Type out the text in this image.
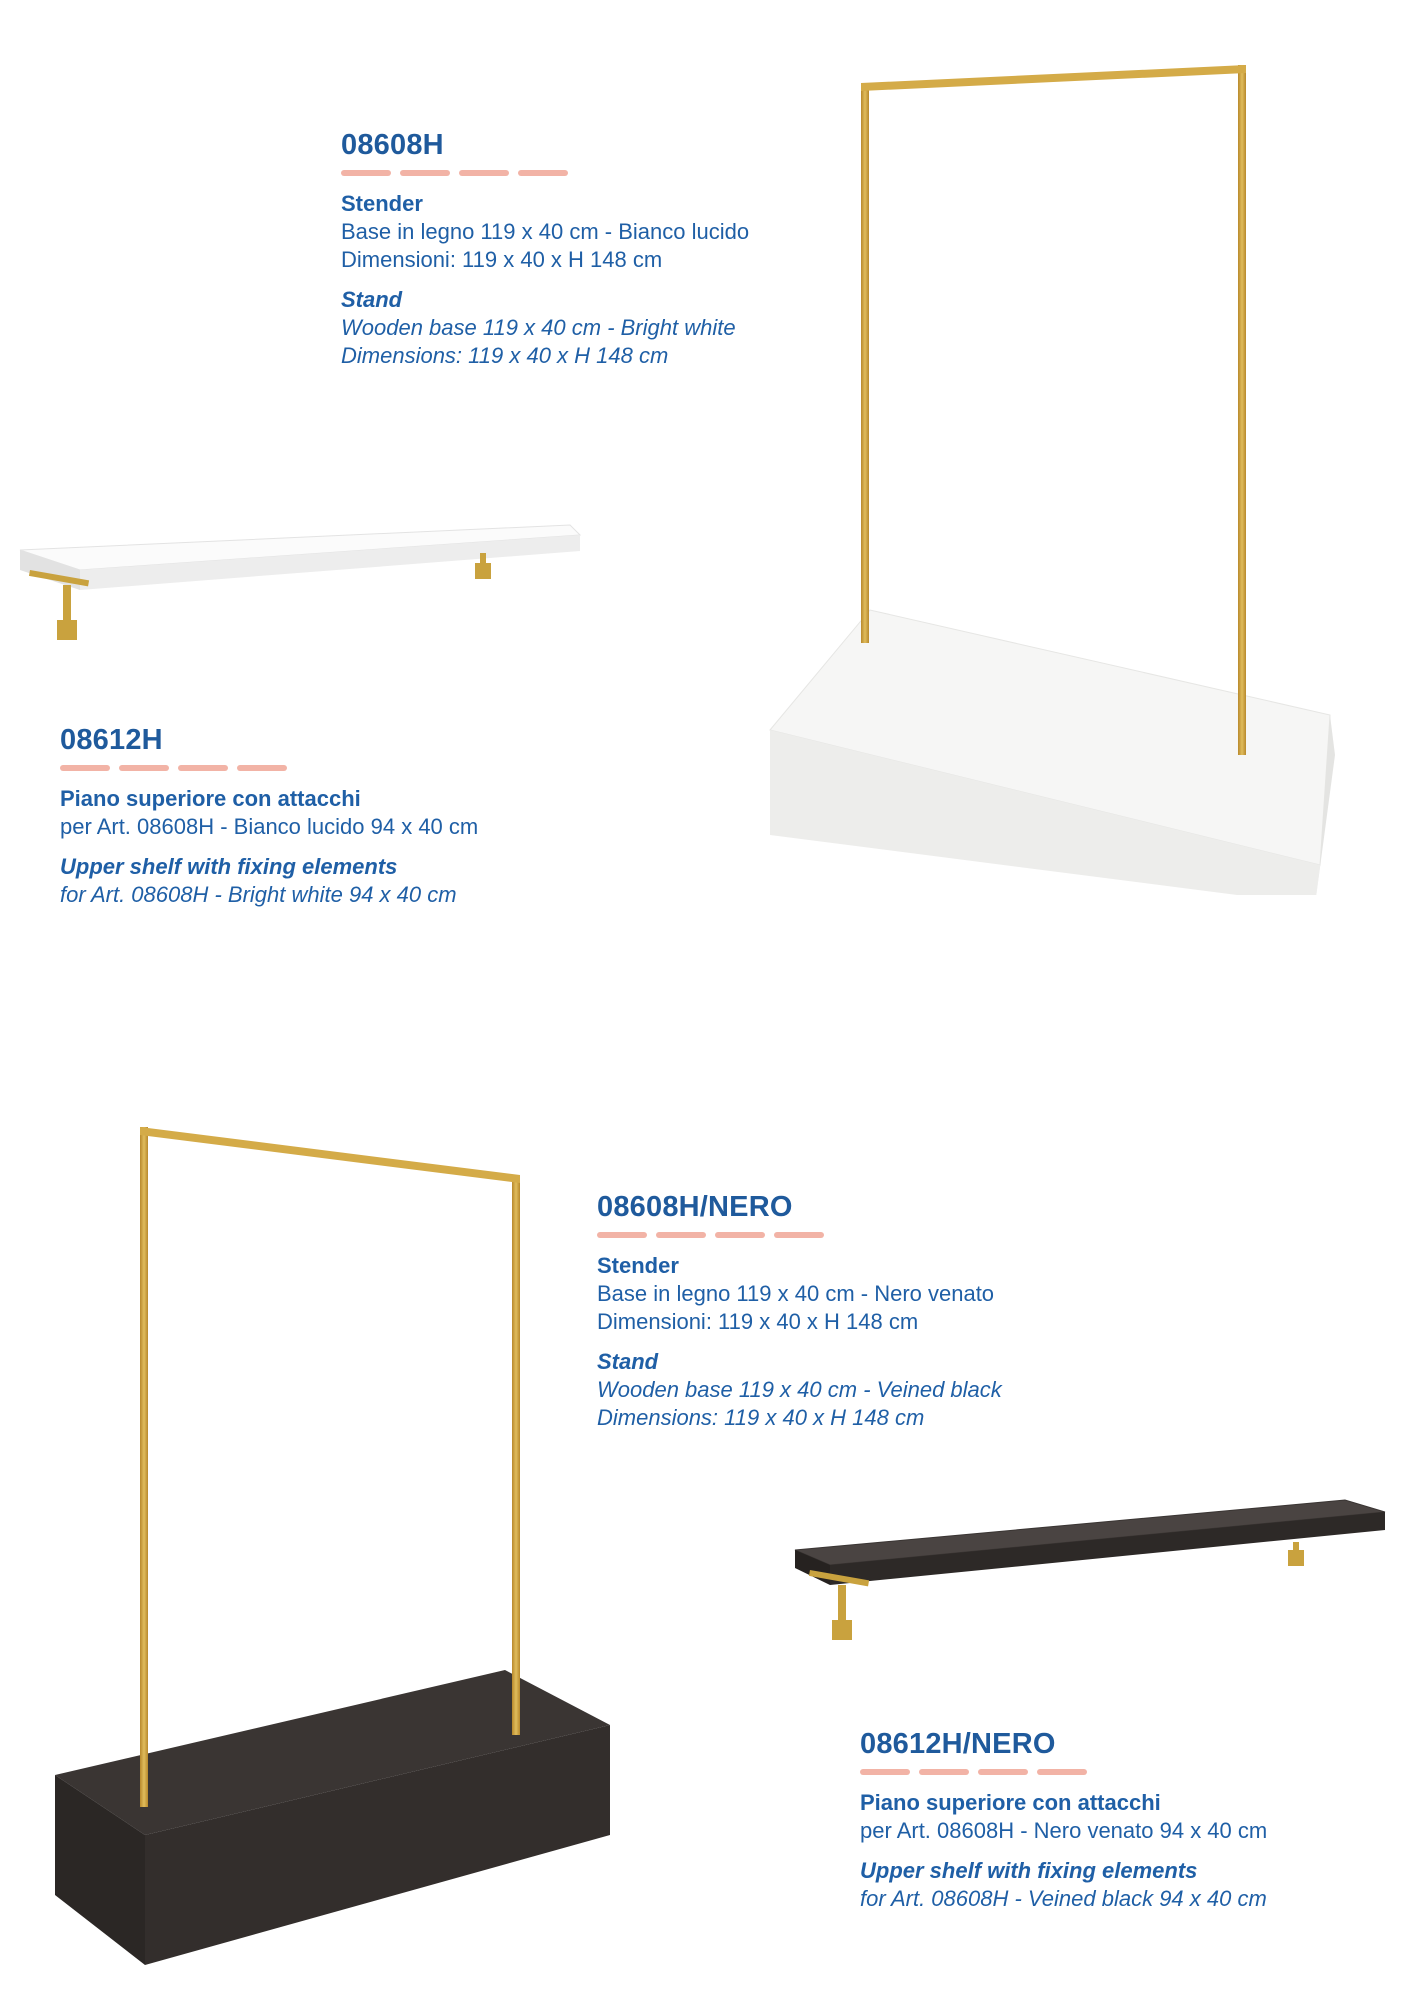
08608H

Stender

Base in legno 119 x 40 cm - Bianco lucido

Dimensioni: 119 x 40 x H 148 cm

Stand

Wooden base 119 x 40 cm - Bright white

Dimensions: 119 x 40 x H 148 cm

08612H

Piano superiore con attacchi

per Art. 08608H - Bianco lucido 94 x 40 cm

Upper shelf with fixing elements

for Art. 08608H - Bright white 94 x 40 cm

08608H/NERO

Stender

Base in legno 119 x 40 cm - Nero venato

Dimensioni: 119 x 40 x H 148 cm

Stand

Wooden base 119 x 40 cm - Veined black

Dimensions: 119 x 40 x H 148 cm

08612H/NERO

Piano superiore con attacchi

per Art. 08608H - Nero venato 94 x 40 cm

Upper shelf with fixing elements

for Art. 08608H - Veined black 94 x 40 cm
